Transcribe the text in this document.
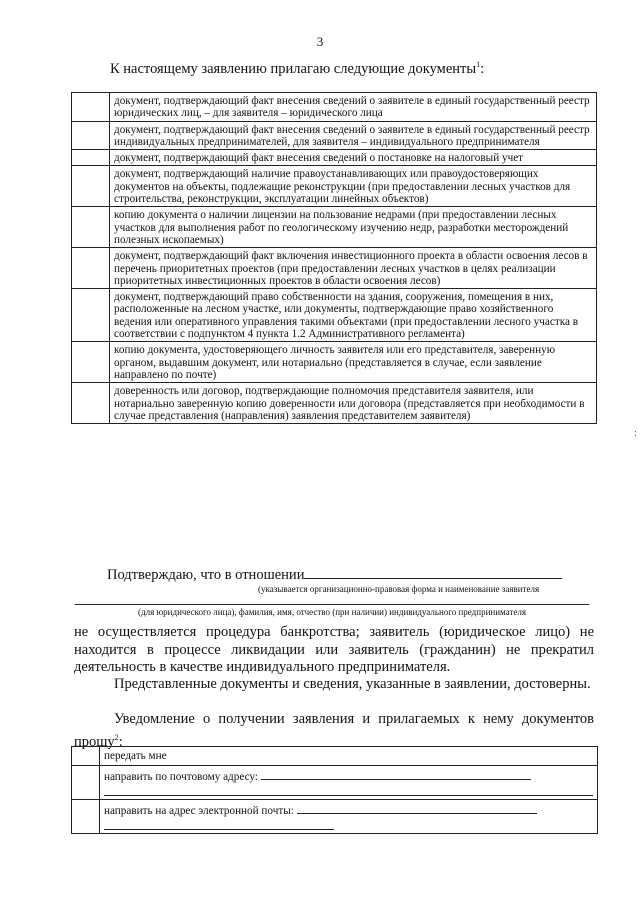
3
К настоящему заявлению прилагаю следующие документы$^1$:
	документ, подтверждающий факт внесения сведений о заявителе в единый государственный реестр юридических лиц, – для заявителя – юридического лица
	документ, подтверждающий факт внесения сведений о заявителе в единый государственный реестр индивидуальных предпринимателей, для заявителя – индивидуального предпринимателя
	документ, подтверждающий факт внесения сведений о постановке на налоговый учет
	документ, подтверждающий наличие правоустанавливающих или правоудостоверяющих документов на объекты, подлежащие реконструкции (при предоставлении лесных участков для строительства, реконструкции, эксплуатации линейных объектов)
	копию документа о наличии лицензии на пользование недрами (при предоставлении лесных участков для выполнения работ по геологическому изучению недр, разработки месторождений полезных ископаемых)
	документ, подтверждающий факт включения инвестиционного проекта в области освоения лесов в перечень приоритетных проектов (при предоставлении лесных участков в целях реализации приоритетных инвестиционных проектов в области освоения лесов)
	документ, подтверждающий право собственности на здания, сооружения, помещения в них, расположенные на лесном участке, или документы, подтверждающие право хозяйственного ведения или оперативного управления такими объектами (при предоставлении лесного участка в соответствии с подпунктом 4 пункта 1.2 Административного регламента)
	копию документа, удостоверяющего личность заявителя или его представителя, заверенную органом, выдавшим документ, или нотариально (представляется в случае, если заявление направлено по почте)
	доверенность или договор, подтверждающие полномочия представителя заявителя, или нотариально заверенную копию доверенности или договора (представляется при необходимости в случае представления (направления) заявления представителем заявителя)
Подтверждаю, что в отношении
(указывается организационно-правовая форма и наименование заявителя
(для юридического лица), фамилия, имя, отчество (при наличии) индивидуального предпринимателя
не осуществляется процедура банкротства; заявитель (юридическое лицо) не находится в процессе ликвидации или заявитель (гражданин) не прекратил деятельность в качестве индивидуального предпринимателя.
Представленные документы и сведения, указанные в заявлении, достоверны.
Уведомление о получении заявления и прилагаемых к нему документов прошу$^2$:
	передать мне
	направить по почтовому адресу:

	направить на адрес электронной почты:
:
